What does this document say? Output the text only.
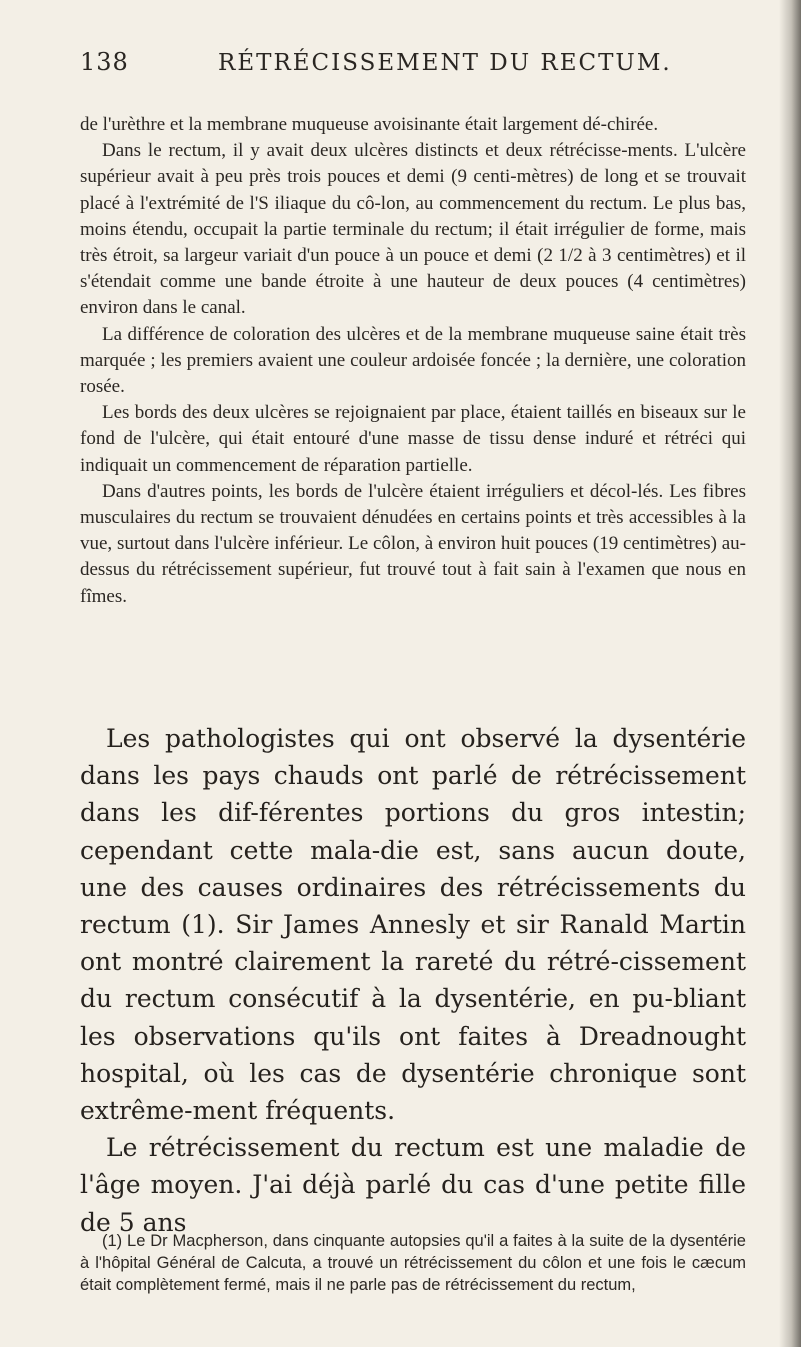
138	RÉTRÉCISSEMENT DU RECTUM.

de l'urèthre et la membrane muqueuse avoisinante était largement dé-chirée.

Dans le rectum, il y avait deux ulcères distincts et deux rétrécisse-ments. L'ulcère supérieur avait à peu près trois pouces et demi (9 centi-mètres) de long et se trouvait placé à l'extrémité de l'S iliaque du cô-lon, au commencement du rectum. Le plus bas, moins étendu, occupait la partie terminale du rectum; il était irrégulier de forme, mais très étroit, sa largeur variait d'un pouce à un pouce et demi (2 1/2 à 3 centimètres) et il s'étendait comme une bande étroite à une hauteur de deux pouces (4 centimètres) environ dans le canal.

La différence de coloration des ulcères et de la membrane muqueuse saine était très marquée ; les premiers avaient une couleur ardoisée foncée ; la dernière, une coloration rosée.

Les bords des deux ulcères se rejoignaient par place, étaient taillés en biseaux sur le fond de l'ulcère, qui était entouré d'une masse de tissu dense induré et rétréci qui indiquait un commencement de réparation partielle.

Dans d'autres points, les bords de l'ulcère étaient irréguliers et décol-lés. Les fibres musculaires du rectum se trouvaient dénudées en certains points et très accessibles à la vue, surtout dans l'ulcère inférieur. Le côlon, à environ huit pouces (19 centimètres) au-dessus du rétrécissement supérieur, fut trouvé tout à fait sain à l'examen que nous en fîmes.

Les pathologistes qui ont observé la dysentérie dans les pays chauds ont parlé de rétrécissement dans les dif-férentes portions du gros intestin; cependant cette mala-die est, sans aucun doute, une des causes ordinaires des rétrécissements du rectum (1). Sir James Annesly et sir Ranald Martin ont montré clairement la rareté du rétré-cissement du rectum consécutif à la dysentérie, en pu-bliant les observations qu'ils ont faites à Dreadnought hospital, où les cas de dysentérie chronique sont extrême-ment fréquents.

Le rétrécissement du rectum est une maladie de l'âge moyen. J'ai déjà parlé du cas d'une petite fille de 5 ans

(1) Le Dr Macpherson, dans cinquante autopsies qu'il a faites à la suite de la dysentérie à l'hôpital Général de Calcuta, a trouvé un rétrécissement du côlon et une fois le cæcum était complètement fermé, mais il ne parle pas de rétrécissement du rectum,
